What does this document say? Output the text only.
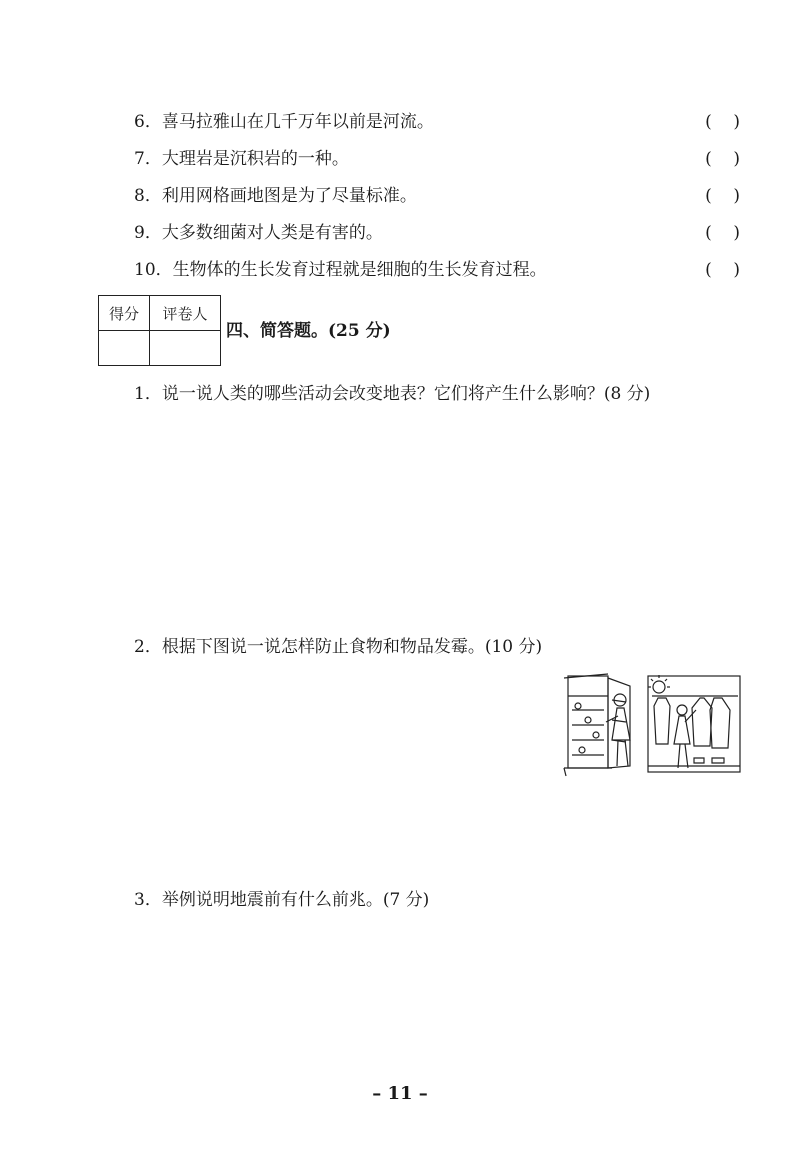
6．喜马拉雅山在几千万年以前是河流。	(    )
7．大理岩是沉积岩的一种。	(    )
8．利用网格画地图是为了尽量标准。	(    )
9．大多数细菌对人类是有害的。	(    )
10．生物体的生长发育过程就是细胞的生长发育过程。	(    )
得分	评卷人

四、简答题。(25 分)
1．说一说人类的哪些活动会改变地表？它们将产生什么影响？(8 分)
2．根据下图说一说怎样防止食物和物品发霉。(10 分)
3．举例说明地震前有什么前兆。(7 分)
– 11 –
